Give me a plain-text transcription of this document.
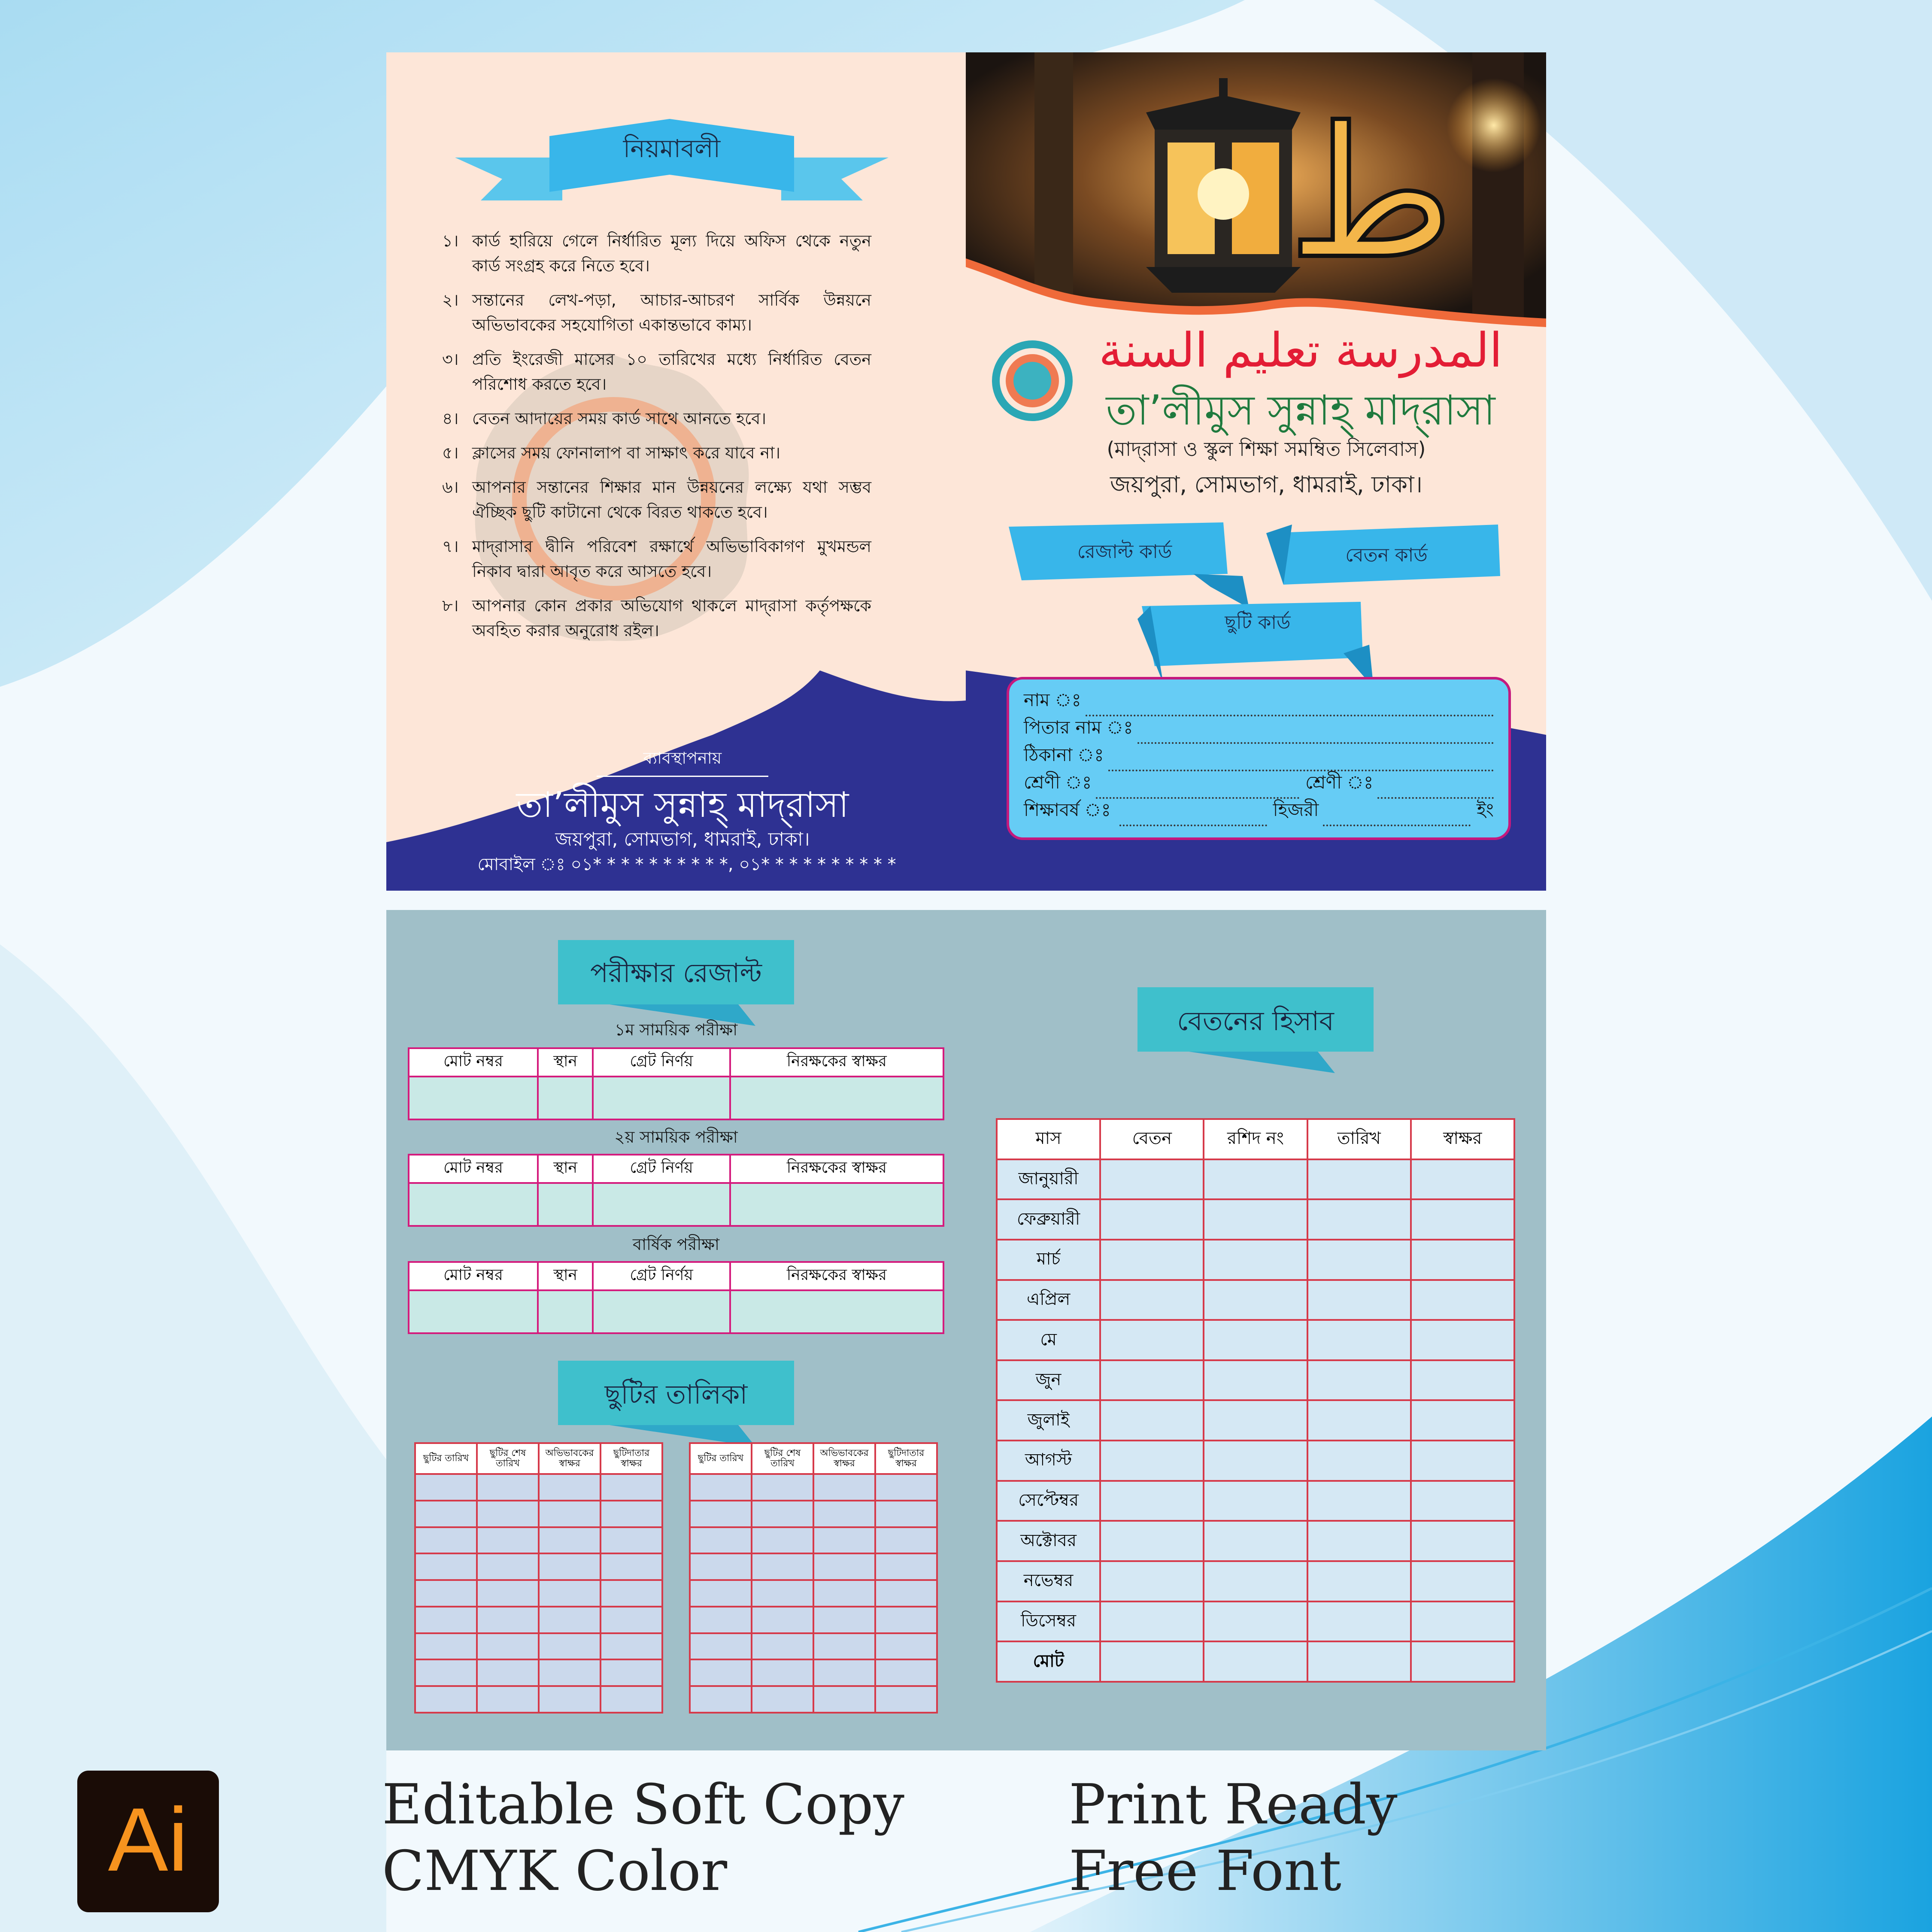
নিয়মাবলী
১। কার্ড হারিয়ে গেলে নির্ধারিত মূল্য দিয়ে অফিস থেকে নতুন কার্ড সংগ্রহ করে নিতে হবে।
২। সন্তানের লেখ-পড়া, আচার-আচরণ সার্বিক উন্নয়নে অভিভাবকের সহযোগিতা একান্তভাবে কাম্য।
৩। প্রতি ইংরেজী মাসের ১০ তারিখের মধ্যে নির্ধারিত বেতন পরিশোধ করতে হবে।
৪। বেতন আদায়ের সময় কার্ড সাথে আনতে হবে।
৫। ক্লাসের সময় ফোনালাপ বা সাক্ষাৎ করে যাবে না।
৬। আপনার সন্তানের শিক্ষার মান উন্নয়নের লক্ষ্যে যথা সম্ভব ঐচ্ছিক ছুটি কাটানো থেকে বিরত থাকতে হবে।
৭। মাদ্‌রাসার দ্বীনি পরিবেশ রক্ষার্থে অভিভাবিকাগণ মুখমন্ডল নিকাব দ্বারা আবৃত করে আসতে হবে।
৮। আপনার কোন প্রকার অভিযোগ থাকলে মাদ্‌রাসা কর্তৃপক্ষকে অবহিত করার অনুরোধ রইল।
ব্যাবস্থাপনায়
তা’লীমুস সুন্নাহ্‌ মাদ্‌রাসা
জয়পুরা, সোমভাগ, ধামরাই, ঢাকা।
মোবাইল ঃ ০১* * * * * * * * * *, ০১* * * * * * * * * *
ط
المدرسة تعليم السنة
তা’লীমুস সুন্নাহ্‌ মাদ্‌রাসা
(মাদ্‌রাসা ও স্কুল শিক্ষা সমম্বিত সিলেবাস)
জয়পুরা, সোমভাগ, ধামরাই, ঢাকা।
রেজাল্ট কার্ড	বেতন কার্ড
ছুটি কার্ড
নাম ঃ
পিতার নাম ঃ
ঠিকানা ঃ
শ্রেণী ঃ	শ্রেণী ঃ
শিক্ষাবর্ষ ঃ	হিজরী	ইং
পরীক্ষার রেজাল্ট
১ম সাময়িক পরীক্ষা
মোট নম্বর	স্থান	গ্রেট নির্ণয়	নিরক্ষকের স্বাক্ষর

২য় সাময়িক পরীক্ষা
মোট নম্বর	স্থান	গ্রেট নির্ণয়	নিরক্ষকের স্বাক্ষর

বার্ষিক পরীক্ষা
মোট নম্বর	স্থান	গ্রেট নির্ণয়	নিরক্ষকের স্বাক্ষর

ছুটির তালিকা
ছুটির তারিখ	ছুটির শেষ তারিখ	অভিভাবকের স্বাক্ষর	ছুটিদাতার স্বাক্ষর

				ছুটির তারিখ	ছুটির শেষ তারিখ	অভিভাবকের স্বাক্ষর	ছুটিদাতার স্বাক্ষর

বেতনের হিসাব
মাস	বেতন	রশিদ নং	তারিখ	স্বাক্ষর
জানুয়ারী				
ফেব্রুয়ারী				
মার্চ				
এপ্রিল				
মে				
জুন				
জুলাই				
আগস্ট				
সেপ্টেম্বর				
অক্টোবর				
নভেম্বর				
ডিসেম্বর				
মোট				
Ai	Editable Soft Copy
CMYK Color
Print Ready
Free Font
